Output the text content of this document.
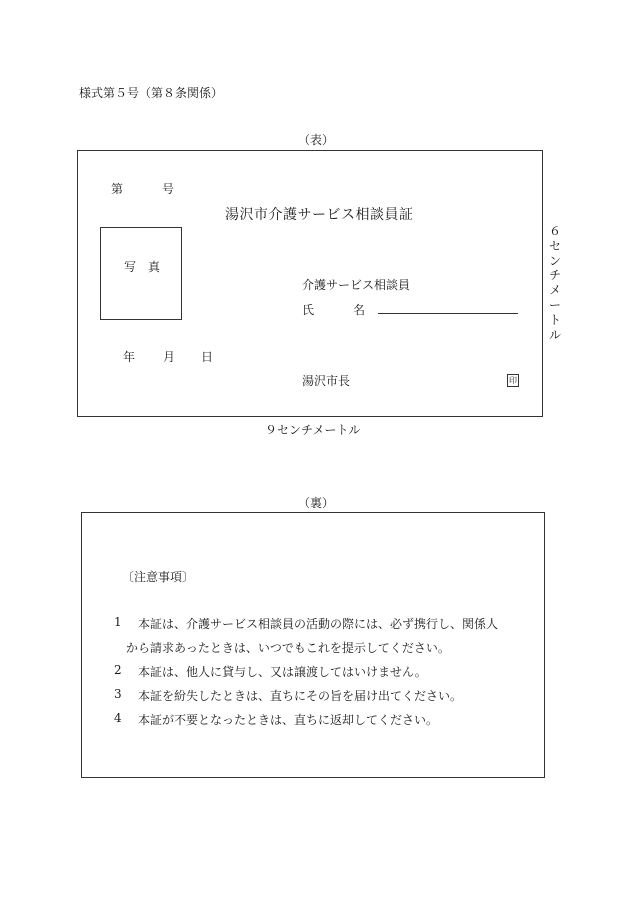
様式第５号（第８条関係）
（表）
第	号
湯沢市介護サービス相談員証
写　真
介護サービス相談員
氏	名
年 月 日
湯沢市長	印
６センチメートル
９センチメートル
（裏）
〔注意事項〕
1 本証は、介護サービス相談員の活動の際には、必ず携行し、関係人
から請求あったときは、いつでもこれを提示してください。
2 本証は、他人に貸与し、又は譲渡してはいけません。
3 本証を紛失したときは、直ちにその旨を届け出てください。
4 本証が不要となったときは、直ちに返却してください。
